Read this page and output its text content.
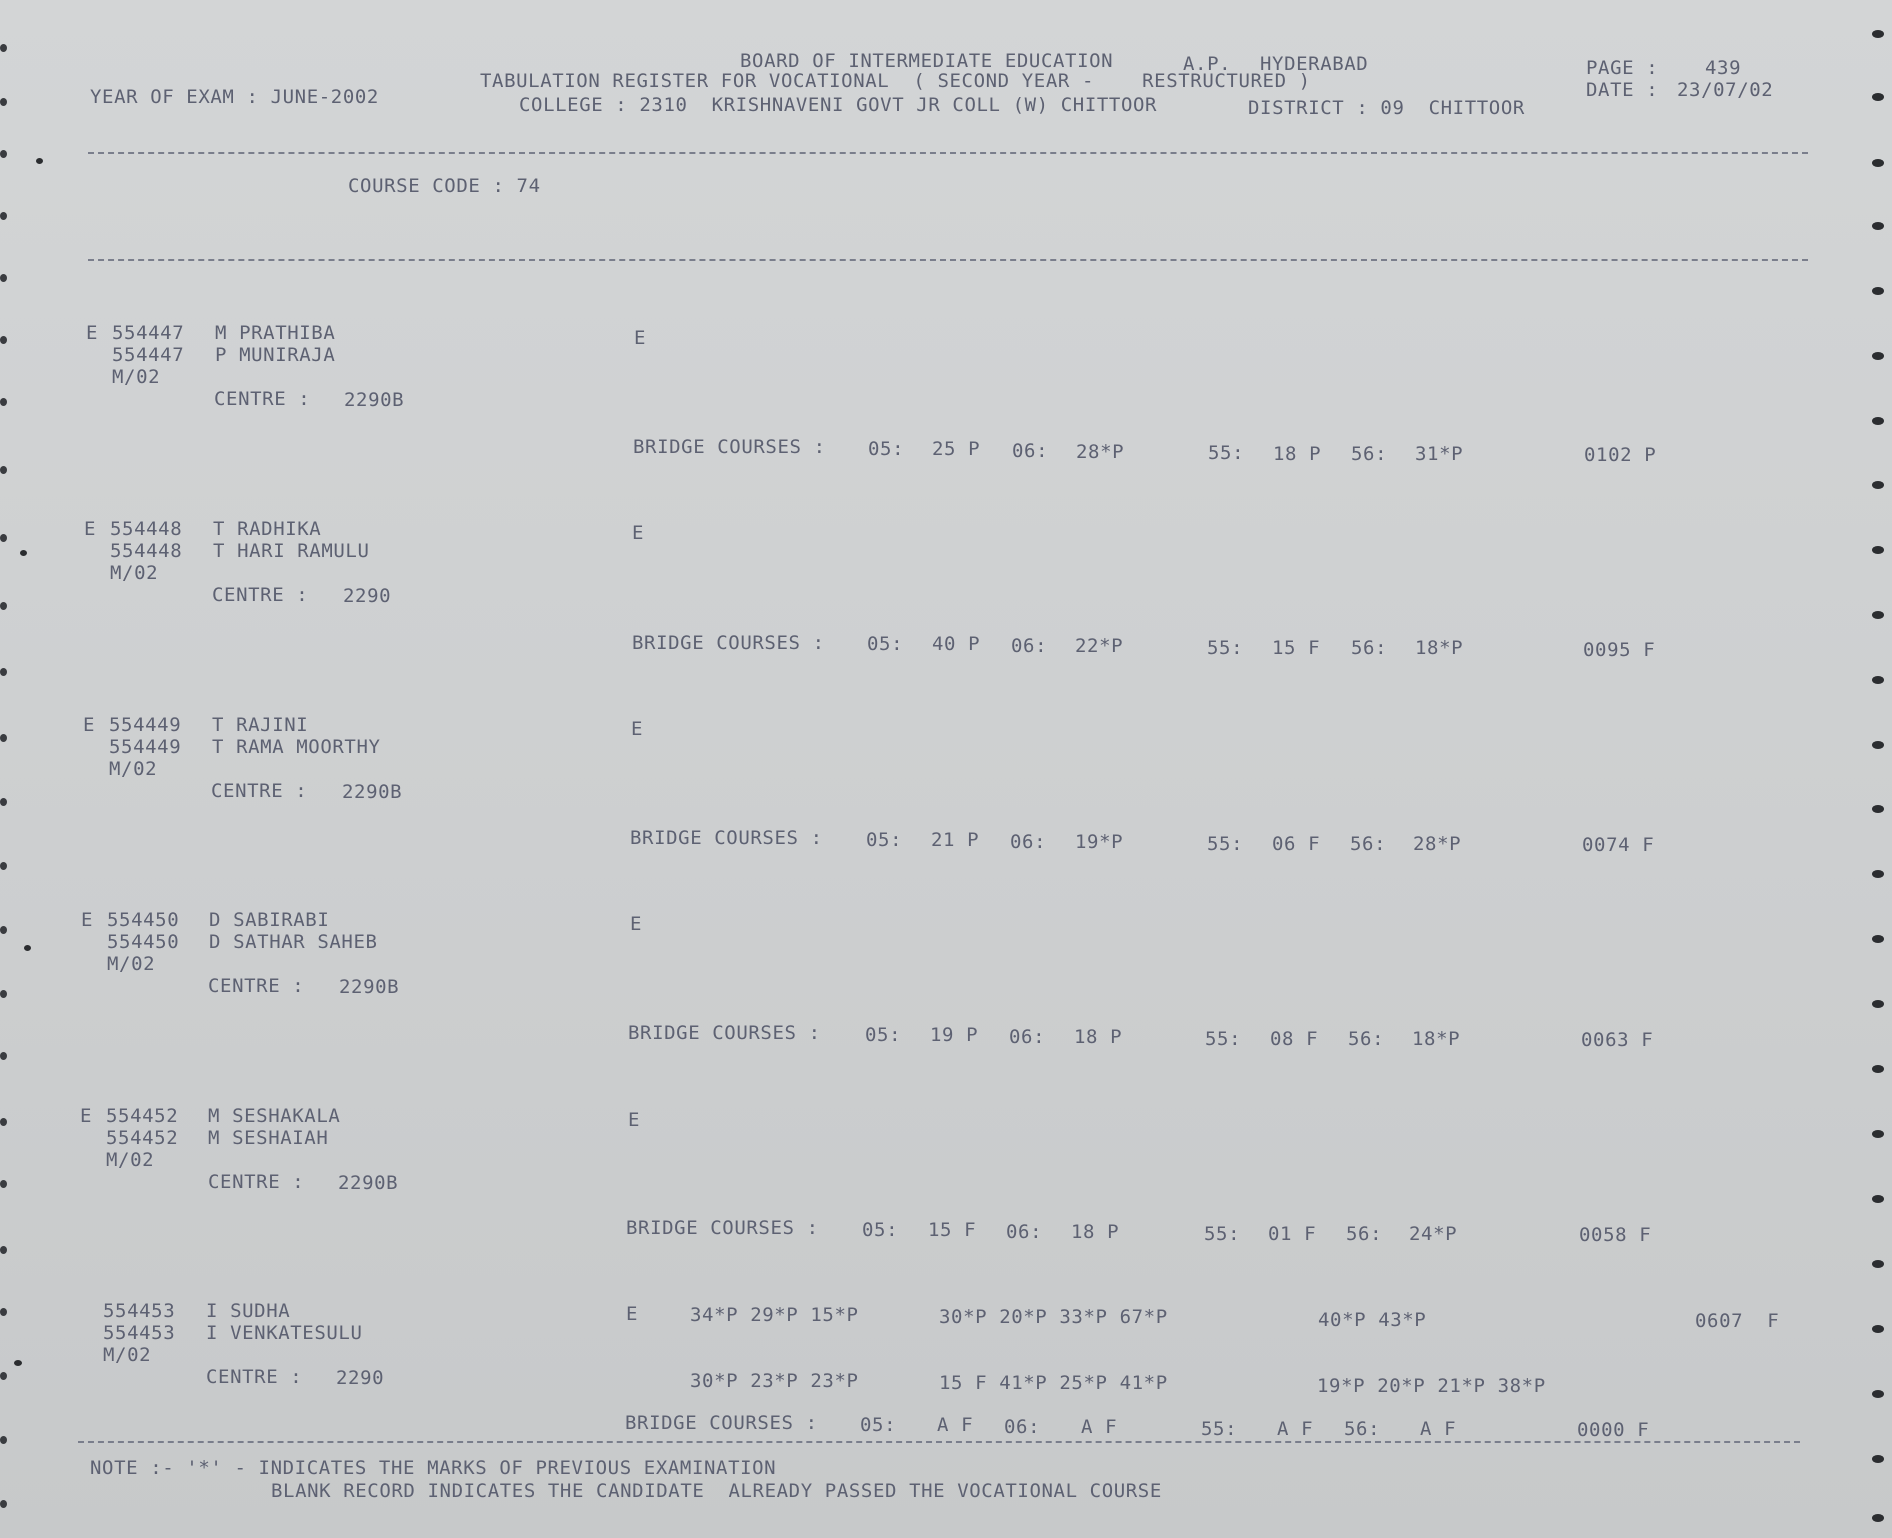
BOARD OF INTERMEDIATE EDUCATION	A.P. HYDERABAD
TABULATION REGISTER FOR VOCATIONAL  ( SECOND YEAR -    RESTRUCTURED )
COLLEGE : 2310  KRISHNAVENI GOVT JR COLL (W) CHITTOOR	DISTRICT : 09  CHITTOOR
YEAR OF EXAM : JUNE-2002
PAGE : 439
DATE : 23/07/02
COURSE CODE : 74
E 554447 M PRATHIBA
554447 P MUNIRAJA
M/02
CENTRE : 2290B
E
BRIDGE COURSES : 05: 25 P 06: 28*P	55: 18 P 56: 31*P	0102 P
E 554448 T RADHIKA
554448 T HARI RAMULU
M/02
CENTRE : 2290
E
BRIDGE COURSES : 05: 40 P 06: 22*P	55: 15 F 56: 18*P	0095 F
E 554449 T RAJINI
554449 T RAMA MOORTHY
M/02
CENTRE : 2290B
E
BRIDGE COURSES : 05: 21 P 06: 19*P	55: 06 F 56: 28*P	0074 F
E 554450 D SABIRABI
554450 D SATHAR SAHEB
M/02
CENTRE : 2290B
E
BRIDGE COURSES : 05: 19 P 06: 18 P	55: 08 F 56: 18*P	0063 F
E 554452 M SESHAKALA
554452 M SESHAIAH
M/02
CENTRE : 2290B
E
BRIDGE COURSES : 05: 15 F 06: 18 P	55: 01 F 56: 24*P	0058 F
554453 I SUDHA
554453 I VENKATESULU
M/02
CENTRE : 2290
E	34*P 29*P 15*P	30*P 20*P 33*P 67*P	40*P 43*P	0607  F
30*P 23*P 23*P	15 F 41*P 25*P 41*P	19*P 20*P 21*P 38*P
BRIDGE COURSES : 05: A F 06: A F	55: A F 56: A F	0000 F
NOTE :- '*' - INDICATES THE MARKS OF PREVIOUS EXAMINATION
BLANK RECORD INDICATES THE CANDIDATE  ALREADY PASSED THE VOCATIONAL COURSE
